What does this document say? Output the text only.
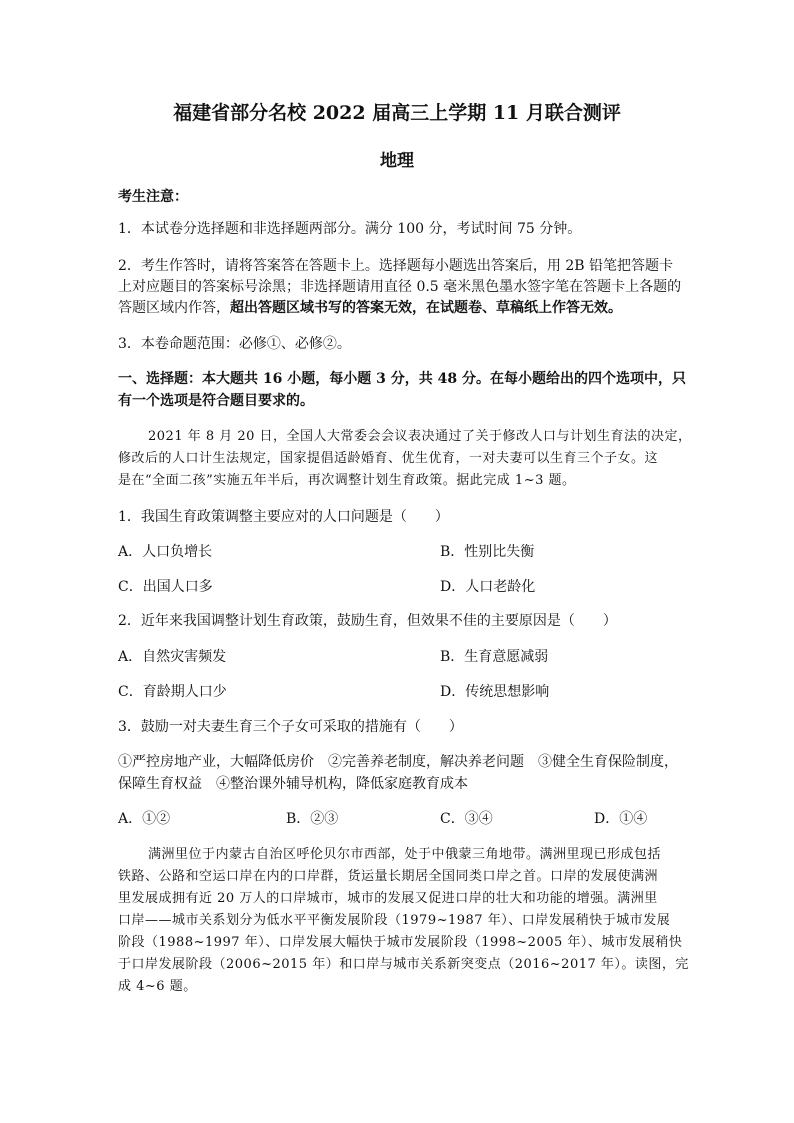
福建省部分名校 2022 届高三上学期 11 月联合测评
地理
考生注意：
1．本试卷分选择题和非选择题两部分。满分 100 分，考试时间 75 分钟。
2．考生作答时，请将答案答在答题卡上。选择题每小题选出答案后，用 2B 铅笔把答题卡
上对应题目的答案标号涂黑；非选择题请用直径 0.5 毫米黑色墨水签字笔在答题卡上各题的
答题区域内作答，超出答题区域书写的答案无效，在试题卷、草稿纸上作答无效。
3．本卷命题范围：必修①、必修②。
一、选择题：本大题共 16 小题，每小题 3 分，共 48 分。在每小题给出的四个选项中，只
有一个选项是符合题目要求的。
2021 年 8 月 20 日，全国人大常委会会议表决通过了关于修改人口与计划生育法的决定，
修改后的人口计生法规定，国家提倡适龄婚育、优生优育，一对夫妻可以生育三个子女。这
是在“全面二孩”实施五年半后，再次调整计划生育政策。据此完成 1~3 题。
1．我国生育政策调整主要应对的人口问题是（　　）
A．人口负增长	B．性别比失衡
C．出国人口多	D．人口老龄化
2．近年来我国调整计划生育政策，鼓励生育，但效果不佳的主要原因是（　　）
A．自然灾害频发	B．生育意愿减弱
C．育龄期人口少	D．传统思想影响
3．鼓励一对夫妻生育三个子女可采取的措施有（　　）
①严控房地产业，大幅降低房价　②完善养老制度，解决养老问题　③健全生育保险制度，
保障生育权益　④整治课外辅导机构，降低家庭教育成本
A．①②	B．②③	C．③④	D．①④
满洲里位于内蒙古自治区呼伦贝尔市西部，处于中俄蒙三角地带。满洲里现已形成包括
铁路、公路和空运口岸在内的口岸群，货运量长期居全国同类口岸之首。口岸的发展使满洲
里发展成拥有近 20 万人的口岸城市，城市的发展又促进口岸的壮大和功能的增强。满洲里
口岸——城市关系划分为低水平平衡发展阶段（1979~1987 年）、口岸发展稍快于城市发展
阶段（1988~1997 年）、口岸发展大幅快于城市发展阶段（1998~2005 年）、城市发展稍快
于口岸发展阶段（2006~2015 年）和口岸与城市关系新突变点（2016~2017 年）。读图，完
成 4~6 题。
